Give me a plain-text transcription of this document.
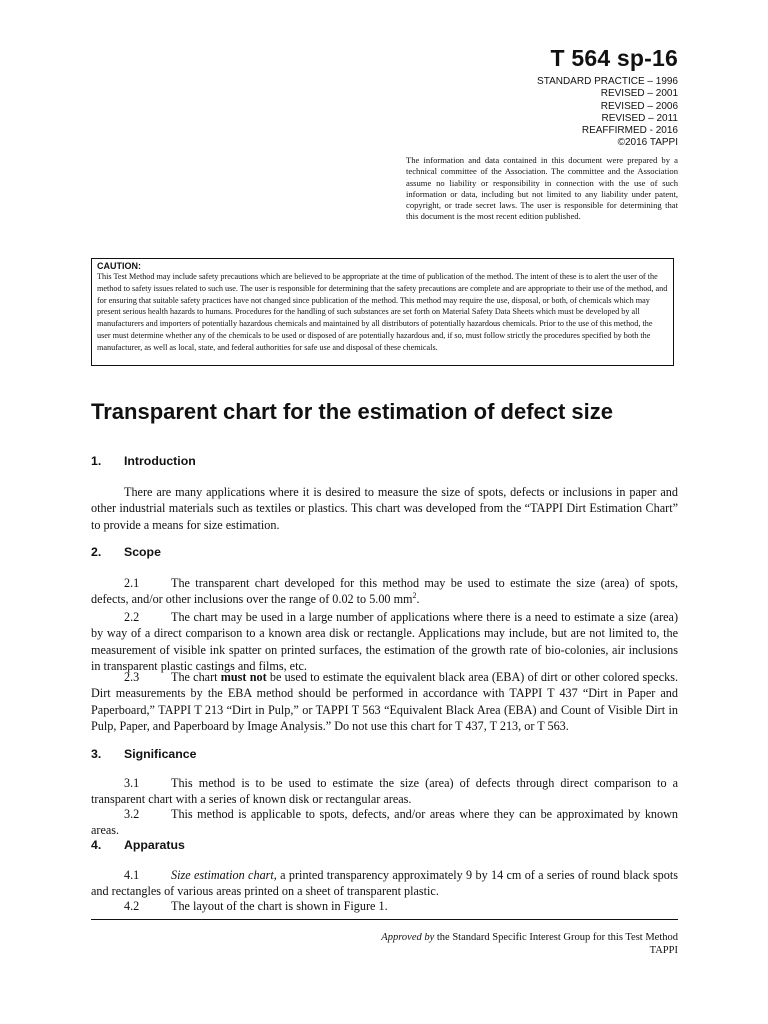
T 564 sp-16
STANDARD PRACTICE – 1996
REVISED – 2001
REVISED – 2006
REVISED – 2011
REAFFIRMED - 2016
©2016 TAPPI
The information and data contained in this document were prepared by a technical committee of the Association. The committee and the Association assume no liability or responsibility in connection with the use of such information or data, including but not limited to any liability under patent, copyright, or trade secret laws. The user is responsible for determining that this document is the most recent edition published.
CAUTION:
This Test Method may include safety precautions which are believed to be appropriate at the time of publication of the method. The intent of these is to alert the user of the method to safety issues related to such use. The user is responsible for determining that the safety precautions are complete and are appropriate to their use of the method, and for ensuring that suitable safety practices have not changed since publication of the method. This method may require the use, disposal, or both, of chemicals which may present serious health hazards to humans. Procedures for the handling of such substances are set forth on Material Safety Data Sheets which must be developed by all manufacturers and importers of potentially hazardous chemicals and maintained by all distributors of potentially hazardous chemicals. Prior to the use of this method, the user must determine whether any of the chemicals to be used or disposed of are potentially hazardous and, if so, must follow strictly the procedures specified by both the manufacturer, as well as local, state, and federal authorities for safe use and disposal of these chemicals.
Transparent chart for the estimation of defect size
1. Introduction

There are many applications where it is desired to measure the size of spots, defects or inclusions in paper and other industrial materials such as textiles or plastics. This chart was developed from the “TAPPI Dirt Estimation Chart” to provide a means for size estimation.

2. Scope

2.1	The transparent chart developed for this method may be used to estimate the size (area) of spots, defects, and/or other inclusions over the range of 0.02 to 5.00 $mm^2$.

2.2	The chart may be used in a large number of applications where there is a need to estimate a size (area) by way of a direct comparison to a known area disk or rectangle. Applications may include, but are not limited to, the measurement of visible ink spatter on printed surfaces, the estimation of the growth rate of bio-colonies, air inclusions in transparent plastic castings and films, etc.

2.3	The chart must not be used to estimate the equivalent black area (EBA) of dirt or other colored specks. Dirt measurements by the EBA method should be performed in accordance with TAPPI T 437 “Dirt in Paper and Paperboard,” TAPPI T 213 “Dirt in Pulp,” or TAPPI T 563 “Equivalent Black Area (EBA) and Count of Visible Dirt in Pulp, Paper, and Paperboard by Image Analysis.” Do not use this chart for T 437, T 213, or T 563.

3. Significance

3.1	This method is to be used to estimate the size (area) of defects through direct comparison to a transparent chart with a series of known disk or rectangular areas.

3.2	This method is applicable to spots, defects, and/or areas where they can be approximated by known areas.

4. Apparatus

4.1	Size estimation chart, a printed transparency approximately 9 by 14 cm of a series of round black spots and rectangles of various areas printed on a sheet of transparent plastic.

4.2	The layout of the chart is shown in Figure 1.

Approved by the Standard Specific Interest Group for this Test Method
TAPPI
